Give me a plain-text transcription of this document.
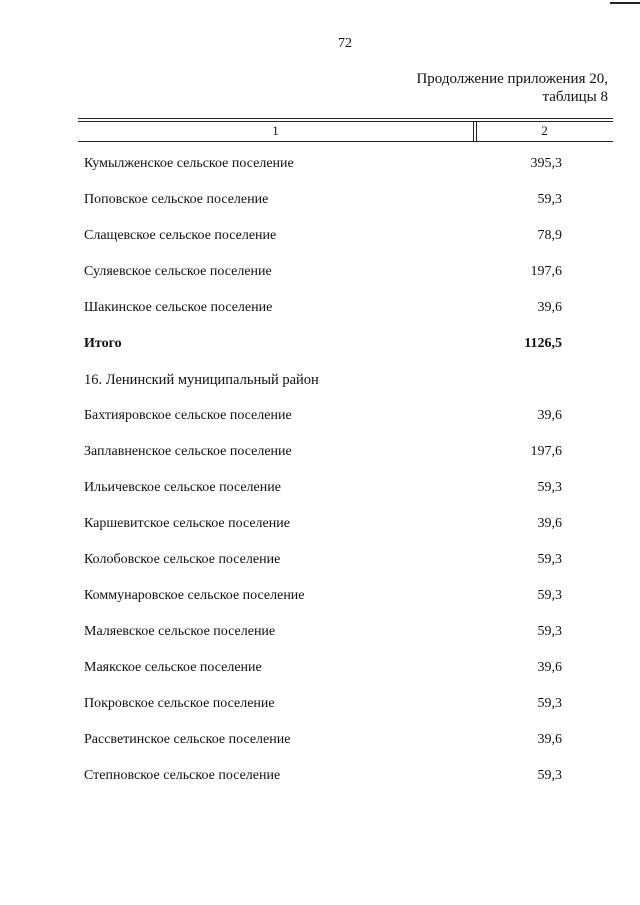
72
Продолжение приложения 20,
таблицы 8
1	2
Кумылженское сельское поселение	395,3
Поповское сельское поселение	59,3
Слащевское сельское поселение	78,9
Суляевское сельское поселение	197,6
Шакинское сельское поселение	39,6
Итого	1126,5
16. Ленинский муниципальный район
Бахтияровское сельское поселение	39,6
Заплавненское сельское поселение	197,6
Ильичевское сельское поселение	59,3
Каршевитское сельское поселение	39,6
Колобовское сельское поселение	59,3
Коммунаровское сельское поселение	59,3
Маляевское сельское поселение	59,3
Маякское сельское поселение	39,6
Покровское сельское поселение	59,3
Рассветинское сельское поселение	39,6
Степновское сельское поселение	59,3
